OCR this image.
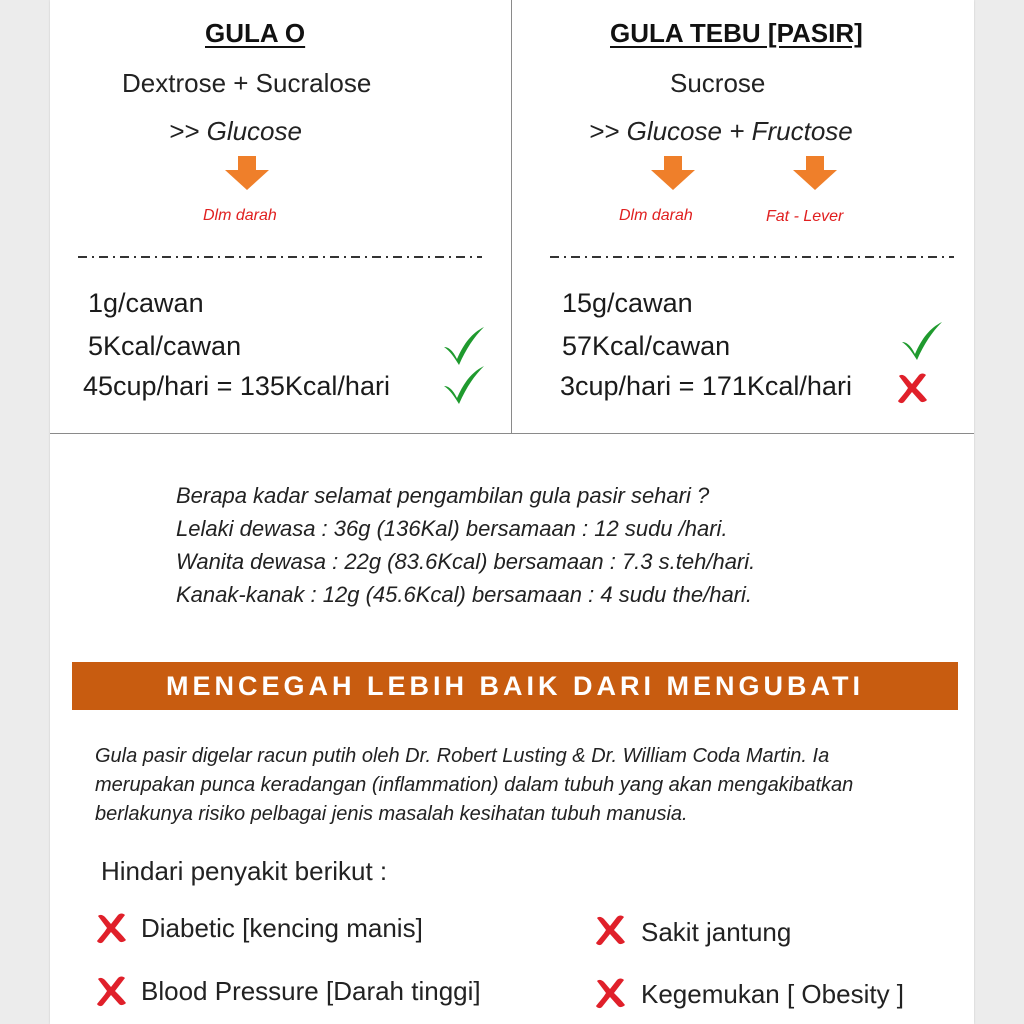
GULA O
Dextrose + Sucralose
>> Glucose
Dlm darah
1g/cawan
5Kcal/cawan
45cup/hari = 135Kcal/hari
GULA TEBU [PASIR]
Sucrose
>> Glucose + Fructose
Dlm darah	Fat - Lever
15g/cawan
57Kcal/cawan
3cup/hari = 171Kcal/hari
Berapa kadar selamat pengambilan gula pasir sehari ?
Lelaki dewasa : 36g (136Kal) bersamaan : 12 sudu /hari.
Wanita dewasa : 22g (83.6Kcal) bersamaan : 7.3 s.teh/hari.
Kanak-kanak : 12g (45.6Kcal) bersamaan : 4 sudu the/hari.
MENCEGAH LEBIH BAIK DARI MENGUBATI
Gula pasir digelar racun putih oleh Dr. Robert Lusting & Dr. William Coda Martin. Ia
merupakan punca keradangan (inflammation) dalam tubuh yang akan mengakibatkan
berlakunya risiko pelbagai jenis masalah kesihatan tubuh manusia.
Hindari penyakit berikut :
Diabetic [kencing manis]	Sakit jantung
Blood Pressure [Darah tinggi]	Kegemukan [ Obesity ]
